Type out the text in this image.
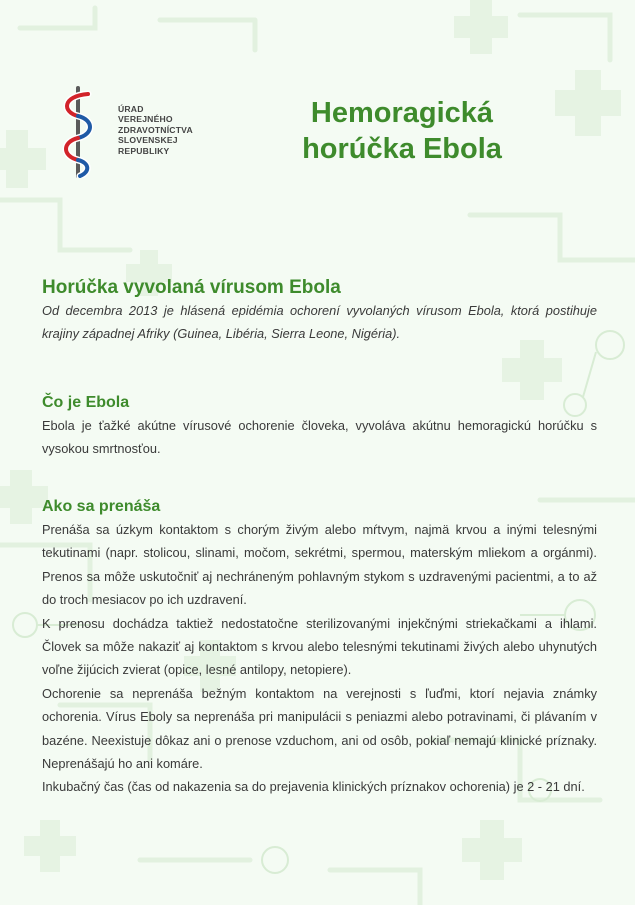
ÚRAD
VEREJNÉHO
ZDRAVOTNÍCTVA
SLOVENSKEJ
REPUBLIKY
Hemoragická
horúčka Ebola
Horúčka vyvolaná vírusom Ebola

Od decembra 2013 je hlásená epidémia ochorení vyvolaných vírusom Ebola, ktorá postihuje krajiny západnej Afriky (Guinea, Libéria, Sierra Leone, Nigéria).

Čo je Ebola

Ebola je ťažké akútne vírusové ochorenie človeka, vyvoláva akútnu hemoragickú horúčku s vysokou smrtnosťou.

Ako sa prenáša

Prenáša sa úzkym kontaktom s chorým živým alebo mŕtvym, najmä krvou a inými telesnými tekutinami (napr. stolicou, slinami, močom, sekrétmi, spermou, materským mliekom a orgánmi). Prenos sa môže uskutočniť aj nechráneným pohlavným stykom s uzdravenými pacientmi, a to až do troch mesiacov po ich uzdravení.

K prenosu dochádza taktiež nedostatočne sterilizovanými injekčnými striekačkami a ihlami. Človek sa môže nakaziť aj kontaktom s krvou alebo telesnými tekutinami živých alebo uhynutých voľne žijúcich zvierat (opice, lesné antilopy, netopiere).

Ochorenie sa neprenáša bežným kontaktom na verejnosti s ľuďmi, ktorí nejavia známky ochorenia. Vírus Eboly sa neprenáša pri manipulácii s peniazmi alebo potravinami, či plávaním v bazéne. Neexistuje dôkaz ani o prenose vzduchom, ani od osôb, pokiaľ nemajú klinické príznaky. Neprenášajú ho ani komáre.

Inkubačný čas (čas od nakazenia sa do prejavenia klinických príznakov ochorenia) je 2 - 21 dní.
